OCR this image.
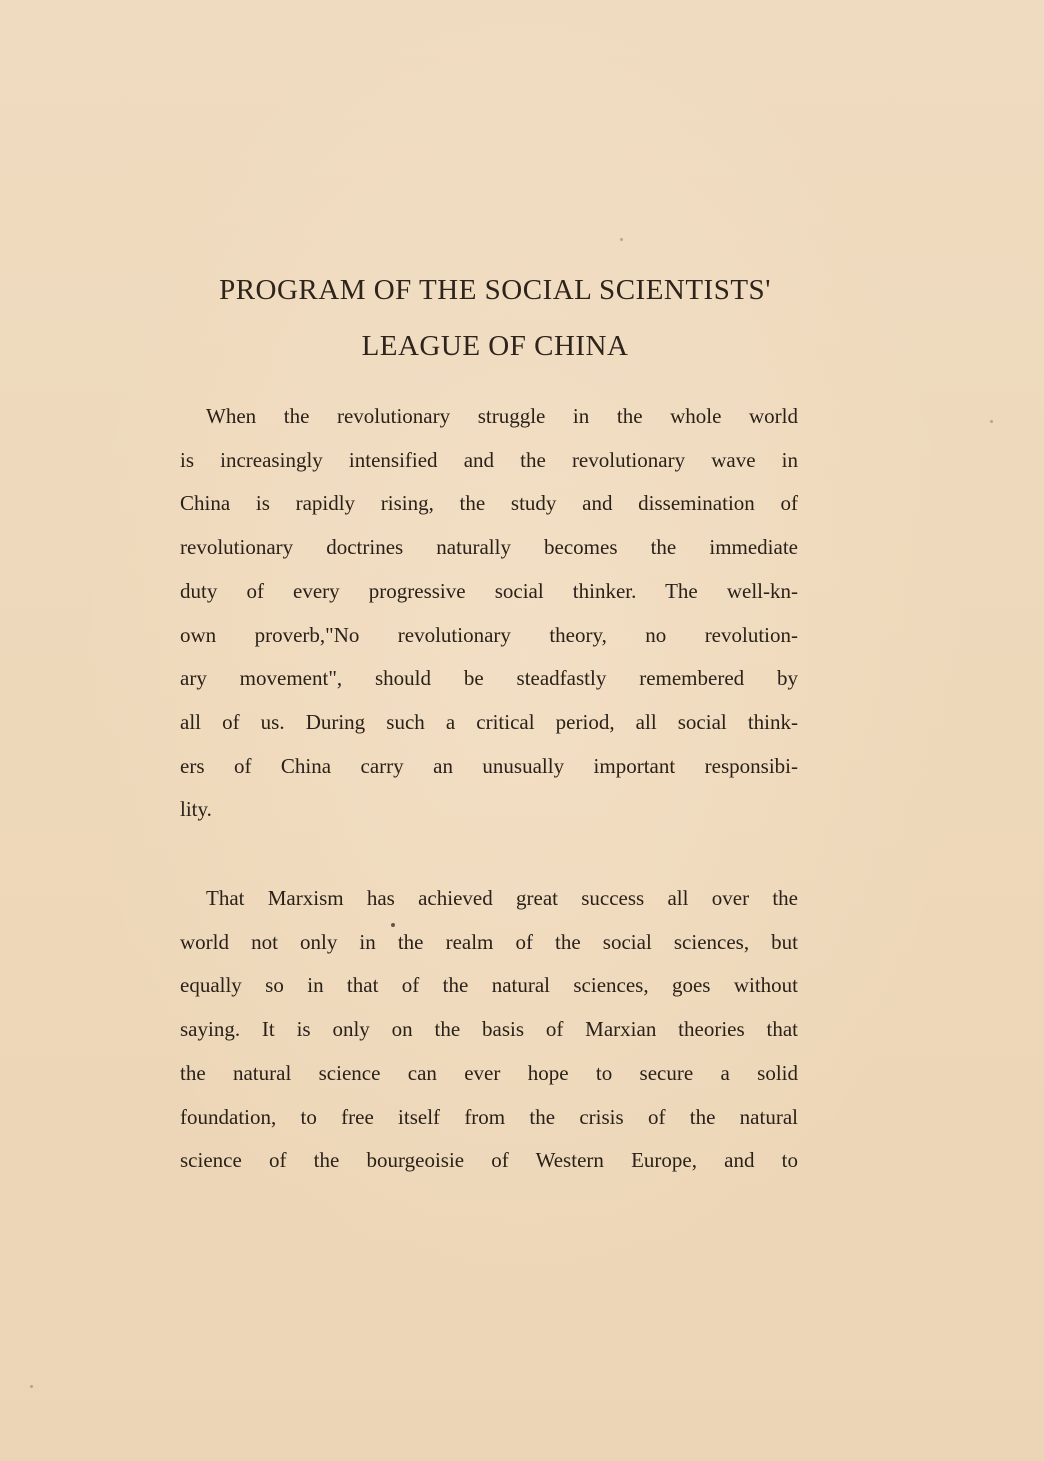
PROGRAM OF THE SOCIAL SCIENTISTS'
LEAGUE OF CHINA

When the revolutionary struggle in the whole world
is increasingly intensified and the revolutionary wave in
China is rapidly rising, the study and dissemination of
revolutionary doctrines naturally becomes the immediate
duty of every progressive social thinker. The well-kn-
own proverb,"No revolutionary theory, no revolution-
ary movement", should be steadfastly remembered by
all of us. During such a critical period, all social think-
ers of China carry an unusually important responsibi-
lity.

That Marxism has achieved great success all over the
world not only in the realm of the social sciences, but
equally so in that of the natural sciences, goes without
saying. It is only on the basis of Marxian theories that
the natural science can ever hope to secure a solid
foundation, to free itself from the crisis of the natural
science of the bourgeoisie of Western Europe, and to
